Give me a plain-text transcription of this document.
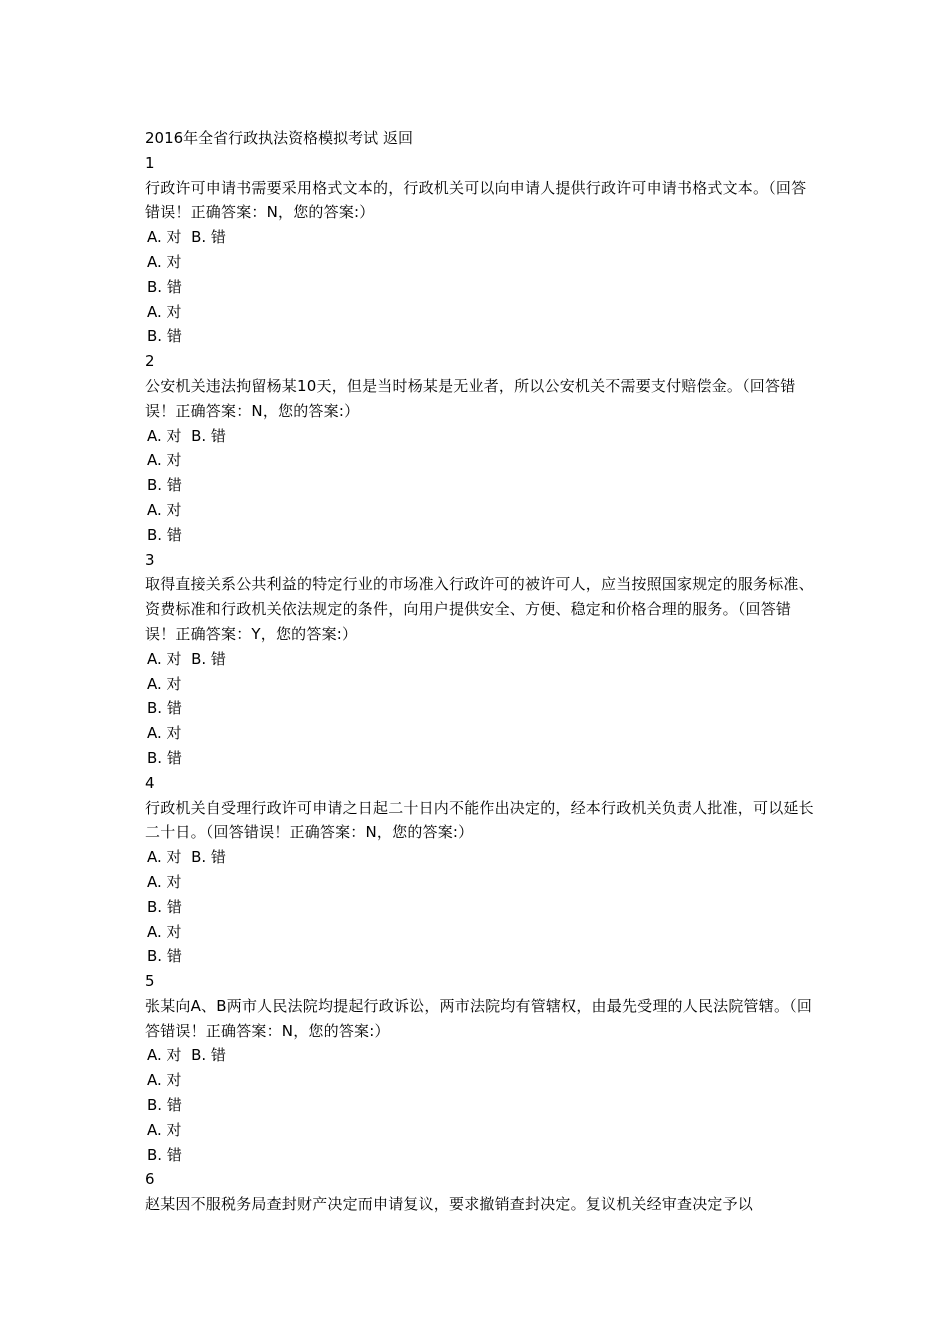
2016年全省行政执法资格模拟考试 返回
1
行政许可申请书需要采用格式文本的，行政机关可以向申请人提供行政许可申请书格式文本。（回答错误！正确答案：N，您的答案:）
A. 对  B. 错
A. 对
B. 错
A. 对
B. 错
2
公安机关违法拘留杨某10天，但是当时杨某是无业者，所以公安机关不需要支付赔偿金。（回答错误！正确答案：N，您的答案:）
A. 对  B. 错
A. 对
B. 错
A. 对
B. 错
3
取得直接关系公共利益的特定行业的市场准入行政许可的被许可人，应当按照国家规定的服务标准、资费标准和行政机关依法规定的条件，向用户提供安全、方便、稳定和价格合理的服务。（回答错误！正确答案：Y，您的答案:）
A. 对  B. 错
A. 对
B. 错
A. 对
B. 错
4
行政机关自受理行政许可申请之日起二十日内不能作出决定的，经本行政机关负责人批准，可以延长二十日。（回答错误！正确答案：N，您的答案:）
A. 对  B. 错
A. 对
B. 错
A. 对
B. 错
5
张某向A、B两市人民法院均提起行政诉讼，两市法院均有管辖权，由最先受理的人民法院管辖。（回答错误！正确答案：N，您的答案:）
A. 对  B. 错
A. 对
B. 错
A. 对
B. 错
6
赵某因不服税务局查封财产决定而申请复议，要求撤销查封决定。复议机关经审查决定予以
